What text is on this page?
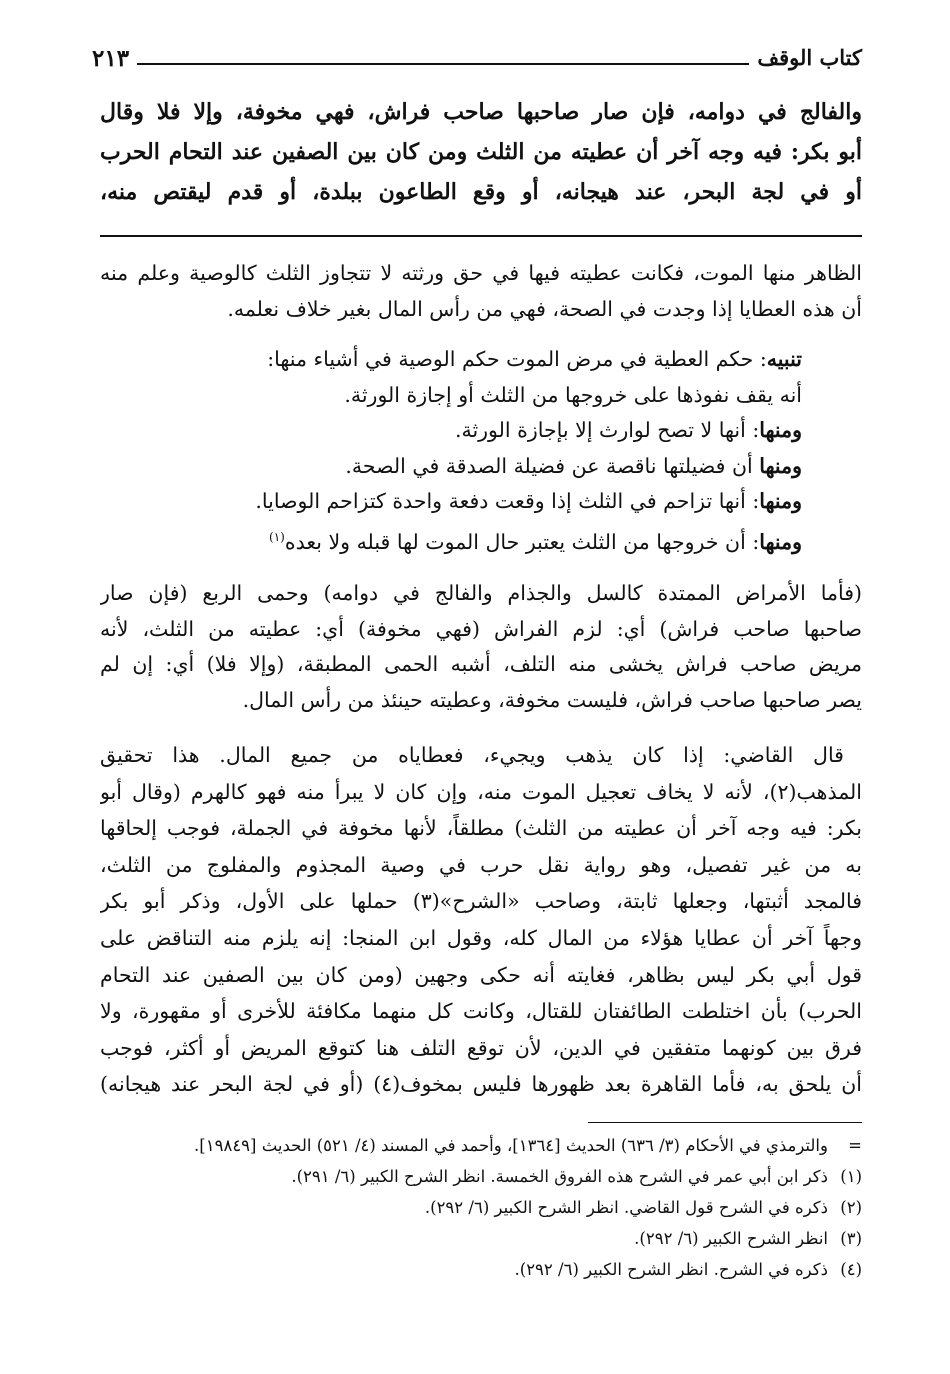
كتاب الوقف
٢١٣
والفالج في دوامه، فإن صار صاحبها صاحب فراش، فهي مخوفة، وإلا فلا وقال
أبو بكر: فيه وجه آخر أن عطيته من الثلث ومن كان بين الصفين عند التحام الحرب
أو في لجة البحر، عند هيجانه، أو وقع الطاعون ببلدة، أو قدم ليقتص منه،
الظاهر منها الموت، فكانت عطيته فيها في حق ورثته لا تتجاوز الثلث كالوصية وعلم منه
أن هذه العطايا إذا وجدت في الصحة، فهي من رأس المال بغير خلاف نعلمه.
تنبيه: حكم العطية في مرض الموت حكم الوصية في أشياء منها:
أنه يقف نفوذها على خروجها من الثلث أو إجازة الورثة.
ومنها: أنها لا تصح لوارث إلا بإجازة الورثة.
ومنها أن فضيلتها ناقصة عن فضيلة الصدقة في الصحة.
ومنها: أنها تزاحم في الثلث إذا وقعت دفعة واحدة كتزاحم الوصايا.
ومنها: أن خروجها من الثلث يعتبر حال الموت لها قبله ولا بعده$^{(١)}$
(فأما الأمراض الممتدة كالسل والجذام والفالج في دوامه) وحمى الربع (فإن صار
صاحبها صاحب فراش) أي: لزم الفراش (فهي مخوفة) أي: عطيته من الثلث، لأنه
مريض صاحب فراش يخشى منه التلف، أشبه الحمى المطبقة، (وإلا فلا) أي: إن لم
يصر صاحبها صاحب فراش، فليست مخوفة، وعطيته حينئذ من رأس المال.
قال القاضي: إذا كان يذهب ويجيء، فعطاياه من جميع المال. هذا تحقيق
المذهب(٢)، لأنه لا يخاف تعجيل الموت منه، وإن كان لا يبرأ منه فهو كالهرم (وقال أبو
بكر: فيه وجه آخر أن عطيته من الثلث) مطلقاً، لأنها مخوفة في الجملة، فوجب إلحاقها
به من غير تفصيل، وهو رواية نقل حرب في وصية المجذوم والمفلوج من الثلث،
فالمجد أثبتها، وجعلها ثابتة، وصاحب «الشرح»(٣) حملها على الأول، وذكر أبو بكر
وجهاً آخر أن عطايا هؤلاء من المال كله، وقول ابن المنجا: إنه يلزم منه التناقض على
قول أبي بكر ليس بظاهر، فغايته أنه حكى وجهين (ومن كان بين الصفين عند التحام
الحرب) بأن اختلطت الطائفتان للقتال، وكانت كل منهما مكافئة للأخرى أو مقهورة، ولا
فرق بين كونهما متفقين في الدين، لأن توقع التلف هنا كتوقع المريض أو أكثر، فوجب
أن يلحق به، فأما القاهرة بعد ظهورها فليس بمخوف(٤) (أو في لجة البحر عند هيجانه)
=والترمذي في الأحكام (٣/ ٦٣٦) الحديث [١٣٦٤]، وأحمد في المسند (٤/ ٥٢١) الحديث [١٩٨٤٩].
(١)ذكر ابن أبي عمر في الشرح هذه الفروق الخمسة. انظر الشرح الكبير (٦/ ٢٩١).
(٢)ذكره في الشرح قول القاضي. انظر الشرح الكبير (٦/ ٢٩٢).
(٣)انظر الشرح الكبير (٦/ ٢٩٢).
(٤)ذكره في الشرح. انظر الشرح الكبير (٦/ ٢٩٢).
